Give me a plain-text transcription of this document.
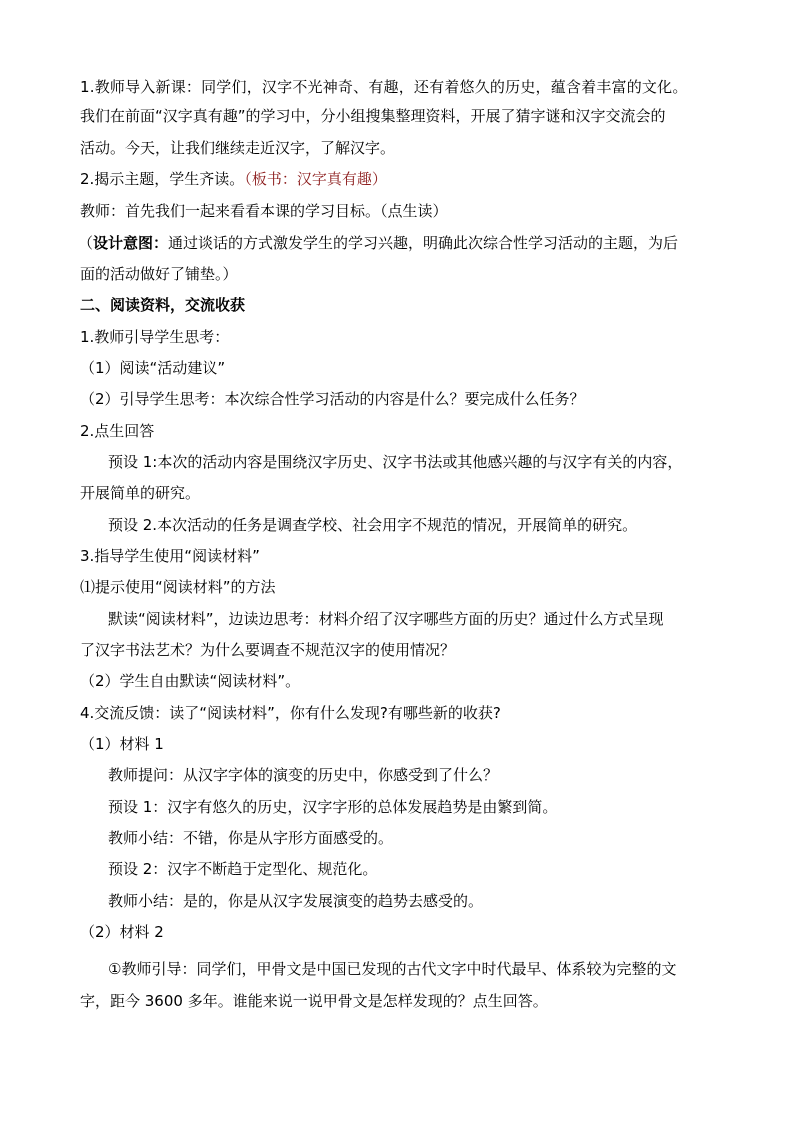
1.教师导入新课：同学们，汉字不光神奇、有趣，还有着悠久的历史，蕴含着丰富的文化。
我们在前面“汉字真有趣”的学习中，分小组搜集整理资料，开展了猜字谜和汉字交流会的
活动。今天，让我们继续走近汉字，了解汉字。
2.揭示主题，学生齐读。（板书：汉字真有趣）
教师：首先我们一起来看看本课的学习目标。（点生读）
（设计意图：通过谈话的方式激发学生的学习兴趣，明确此次综合性学习活动的主题，为后
面的活动做好了铺垫。）
二、阅读资料，交流收获
1.教师引导学生思考：
（1）阅读“活动建议”
（2）引导学生思考：本次综合性学习活动的内容是什么？要完成什么任务？
2.点生回答
预设 1:本次的活动内容是围绕汉字历史、汉字书法或其他感兴趣的与汉字有关的内容，
开展简单的研究。
预设 2.本次活动的任务是调查学校、社会用字不规范的情况，开展简单的研究。
3.指导学生使用“阅读材料”
⑴提示使用“阅读材料”的方法
默读“阅读材料”，边读边思考：材料介绍了汉字哪些方面的历史？通过什么方式呈现
了汉字书法艺术？为什么要调查不规范汉字的使用情况？
（2）学生自由默读“阅读材料”。
4.交流反馈：读了“阅读材料”，你有什么发现?有哪些新的收获?
（1）材料 1
教师提问：从汉字字体的演变的历史中，你感受到了什么？
预设 1：汉字有悠久的历史，汉字字形的总体发展趋势是由繁到简。
教师小结：不错，你是从字形方面感受的。
预设 2：汉字不断趋于定型化、规范化。
教师小结：是的，你是从汉字发展演变的趋势去感受的。
（2）材料 2
①教师引导：同学们，甲骨文是中国已发现的古代文字中时代最早、体系较为完整的文
字，距今 3600 多年。谁能来说一说甲骨文是怎样发现的？点生回答。
